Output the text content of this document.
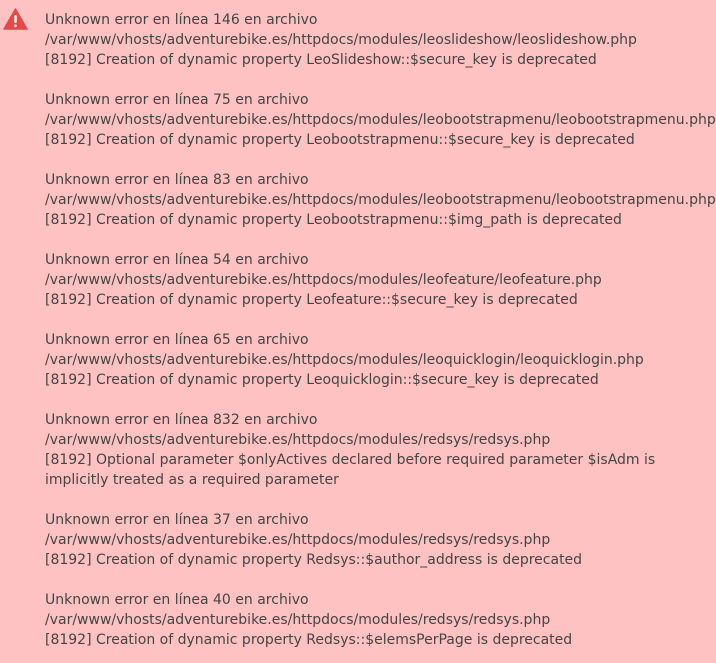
Unknown error en línea 146 en archivo
/var/www/vhosts/adventurebike.es/httpdocs/modules/leoslideshow/leoslideshow.php
[8192] Creation of dynamic property LeoSlideshow::$secure_key is deprecated
Unknown error en línea 75 en archivo
/var/www/vhosts/adventurebike.es/httpdocs/modules/leobootstrapmenu/leobootstrapmenu.php
[8192] Creation of dynamic property Leobootstrapmenu::$secure_key is deprecated
Unknown error en línea 83 en archivo
/var/www/vhosts/adventurebike.es/httpdocs/modules/leobootstrapmenu/leobootstrapmenu.php
[8192] Creation of dynamic property Leobootstrapmenu::$img_path is deprecated
Unknown error en línea 54 en archivo
/var/www/vhosts/adventurebike.es/httpdocs/modules/leofeature/leofeature.php
[8192] Creation of dynamic property Leofeature::$secure_key is deprecated
Unknown error en línea 65 en archivo
/var/www/vhosts/adventurebike.es/httpdocs/modules/leoquicklogin/leoquicklogin.php
[8192] Creation of dynamic property Leoquicklogin::$secure_key is deprecated
Unknown error en línea 832 en archivo
/var/www/vhosts/adventurebike.es/httpdocs/modules/redsys/redsys.php
[8192] Optional parameter $onlyActives declared before required parameter $isAdm is implicitly treated as a required parameter
Unknown error en línea 37 en archivo
/var/www/vhosts/adventurebike.es/httpdocs/modules/redsys/redsys.php
[8192] Creation of dynamic property Redsys::$author_address is deprecated
Unknown error en línea 40 en archivo
/var/www/vhosts/adventurebike.es/httpdocs/modules/redsys/redsys.php
[8192] Creation of dynamic property Redsys::$elemsPerPage is deprecated
